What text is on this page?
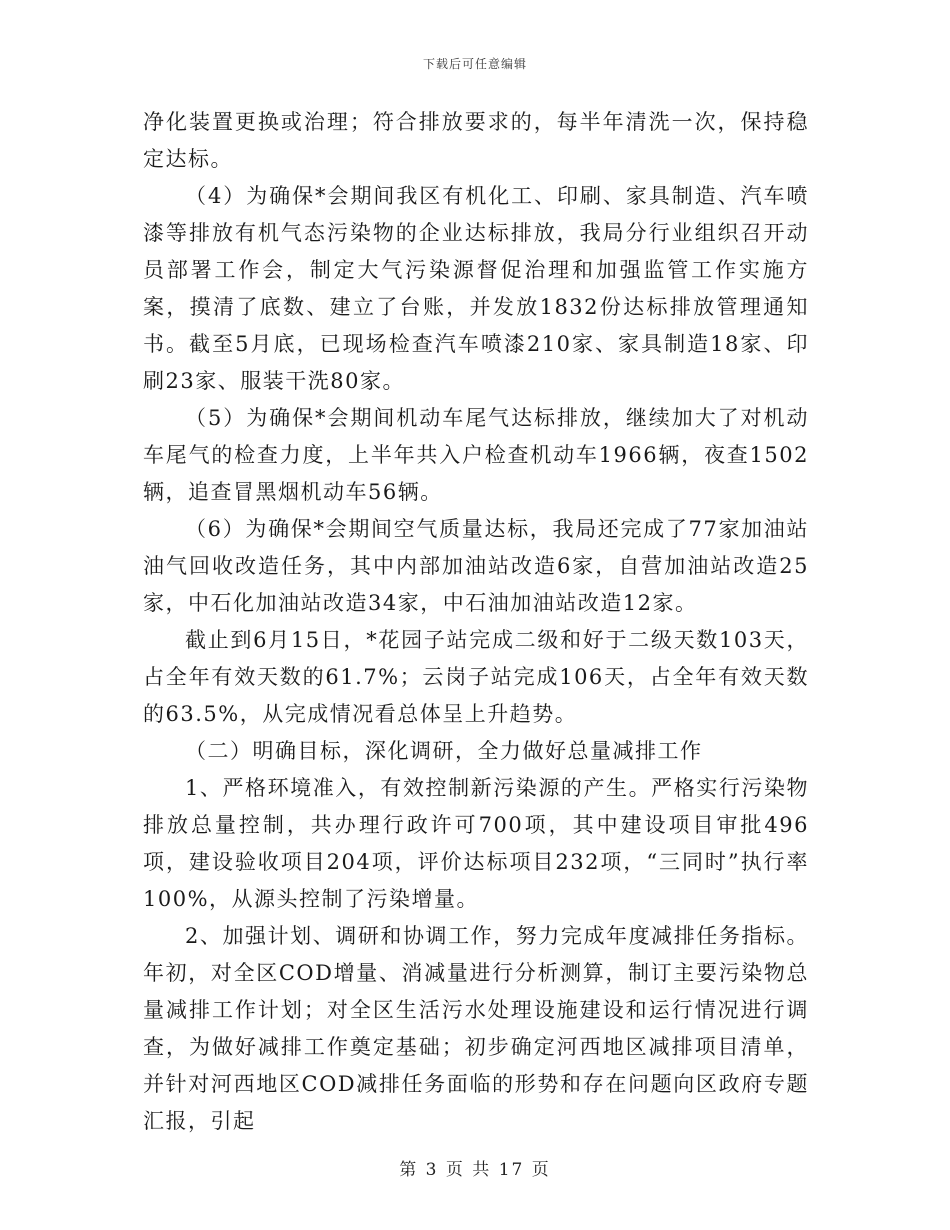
下载后可任意编辑

净化装置更换或治理；符合排放要求的，每半年清洗一次，保持稳定达标。

（4）为确保*会期间我区有机化工、印刷、家具制造、汽车喷漆等排放有机气态污染物的企业达标排放，我局分行业组织召开动员部署工作会，制定大气污染源督促治理和加强监管工作实施方案，摸清了底数、建立了台账，并发放1832份达标排放管理通知书。截至5月底，已现场检查汽车喷漆210家、家具制造18家、印刷23家、服装干洗80家。

（5）为确保*会期间机动车尾气达标排放，继续加大了对机动车尾气的检查力度，上半年共入户检查机动车1966辆，夜查1502辆，追查冒黑烟机动车56辆。

（6）为确保*会期间空气质量达标，我局还完成了77家加油站油气回收改造任务，其中内部加油站改造6家，自营加油站改造25家，中石化加油站改造34家，中石油加油站改造12家。

截止到6月15日，*花园子站完成二级和好于二级天数103天，占全年有效天数的61.7%；云岗子站完成106天，占全年有效天数的63.5%，从完成情况看总体呈上升趋势。

（二）明确目标，深化调研，全力做好总量减排工作

1、严格环境准入，有效控制新污染源的产生。严格实行污染物排放总量控制，共办理行政许可700项，其中建设项目审批496项，建设验收项目204项，评价达标项目232项，“三同时”执行率100%，从源头控制了污染增量。

2、加强计划、调研和协调工作，努力完成年度减排任务指标。年初，对全区COD增量、消减量进行分析测算，制订主要污染物总量减排工作计划；对全区生活污水处理设施建设和运行情况进行调查，为做好减排工作奠定基础；初步确定河西地区减排项目清单，并针对河西地区COD减排任务面临的形势和存在问题向区政府专题汇报，引起

第 3 页 共 17 页
